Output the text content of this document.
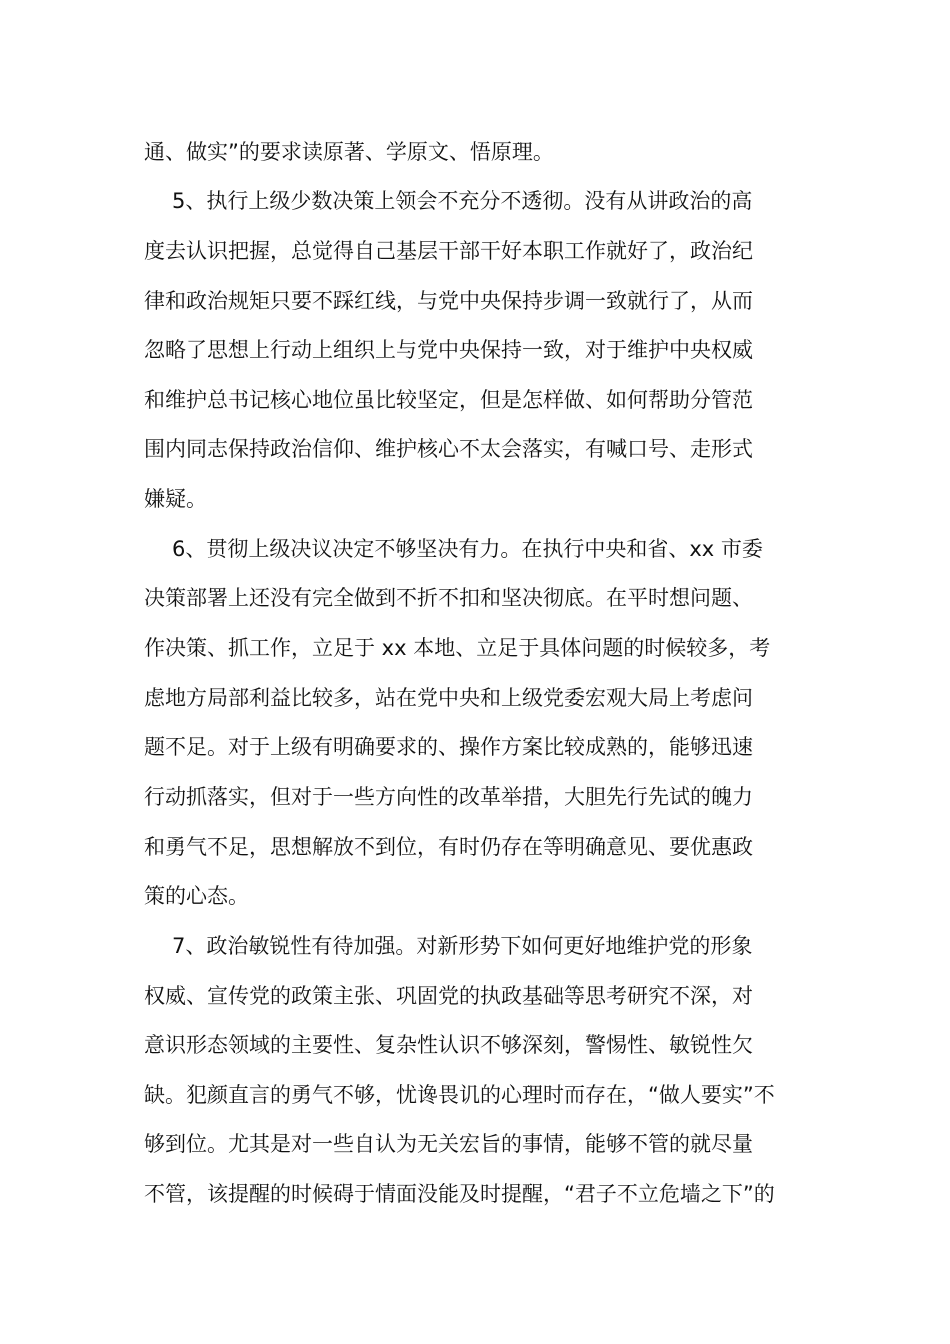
通、做实”的要求读原著、学原文、悟原理。
5、执行上级少数决策上领会不充分不透彻。没有从讲政治的高
度去认识把握，总觉得自己基层干部干好本职工作就好了，政治纪
律和政治规矩只要不踩红线，与党中央保持步调一致就行了，从而
忽略了思想上行动上组织上与党中央保持一致，对于维护中央权威
和维护总书记核心地位虽比较坚定，但是怎样做、如何帮助分管范
围内同志保持政治信仰、维护核心不太会落实，有喊口号、走形式
嫌疑。
6、贯彻上级决议决定不够坚决有力。在执行中央和省、xx 市委
决策部署上还没有完全做到不折不扣和坚决彻底。在平时想问题、
作决策、抓工作，立足于 xx 本地、立足于具体问题的时候较多，考
虑地方局部利益比较多，站在党中央和上级党委宏观大局上考虑问
题不足。对于上级有明确要求的、操作方案比较成熟的，能够迅速
行动抓落实，但对于一些方向性的改革举措，大胆先行先试的魄力
和勇气不足，思想解放不到位，有时仍存在等明确意见、要优惠政
策的心态。
7、政治敏锐性有待加强。对新形势下如何更好地维护党的形象
权威、宣传党的政策主张、巩固党的执政基础等思考研究不深，对
意识形态领域的主要性、复杂性认识不够深刻，警惕性、敏锐性欠
缺。犯颜直言的勇气不够，忧谗畏讥的心理时而存在，“做人要实”不
够到位。尤其是对一些自认为无关宏旨的事情，能够不管的就尽量
不管，该提醒的时候碍于情面没能及时提醒，“君子不立危墙之下”的
